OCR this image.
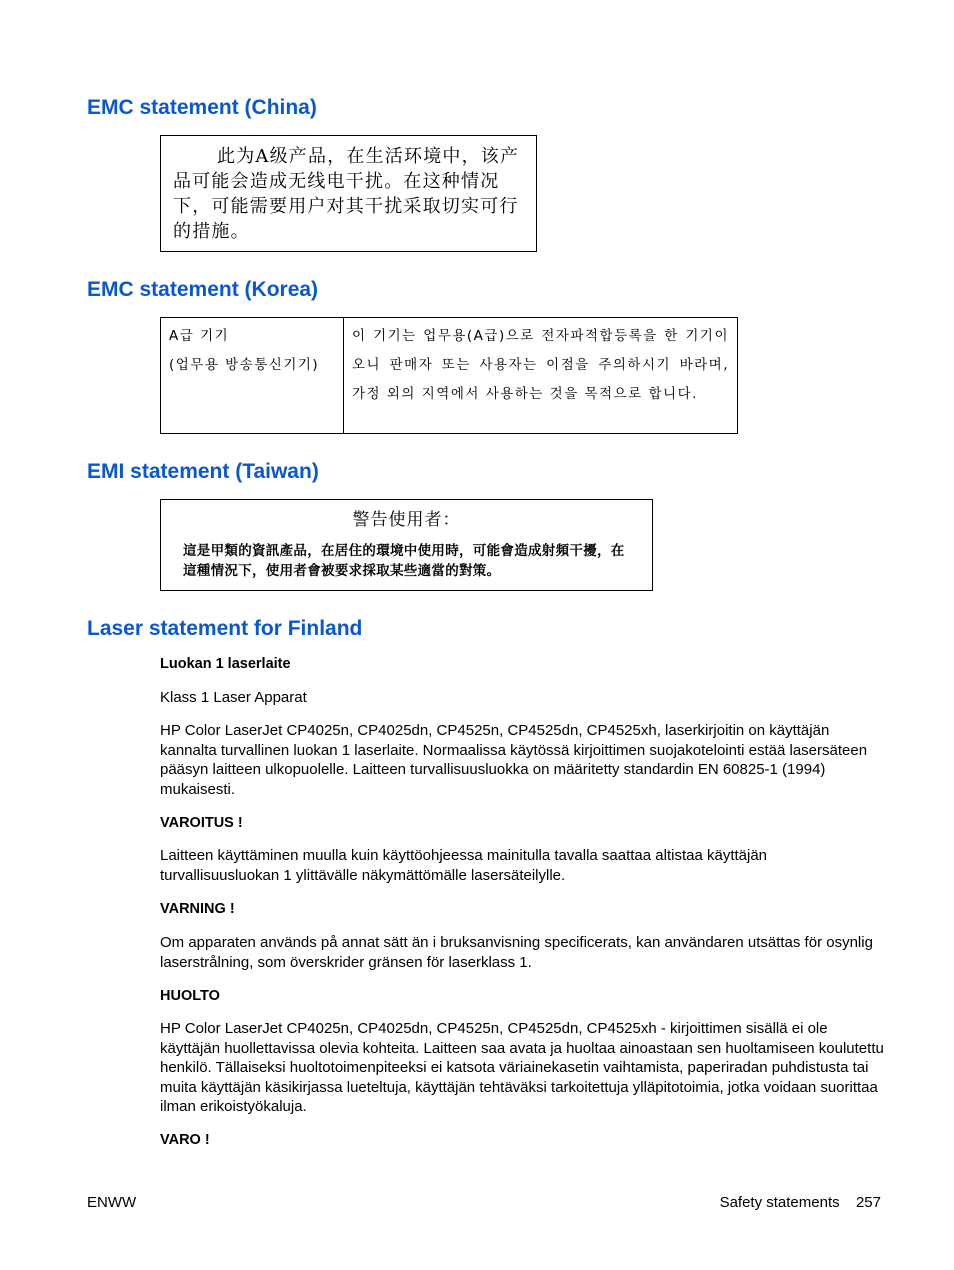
EMC statement (China)

此为A级产品，在生活环境中，该产品可能会造成无线电干扰。在这种情况下，可能需要用户对其干扰采取切实可行的措施。

EMC statement (Korea)
A급 기기
(업무용 방송통신기기)
	이 기기는 업무용(A급)으로 전자파적합등록을 한 기기이오니 판매자 또는 사용자는 이점을 주의하시기 바라며, 가정 외의 지역에서 사용하는 것을 목적으로 합니다.
EMI statement (Taiwan)
警告使用者：
這是甲類的資訊產品，在居住的環境中使用時，可能會造成射頻干擾，在這種情況下，使用者會被要求採取某些適當的對策。
Laser statement for Finland
Luokan 1 laserlaite
Klass 1 Laser Apparat
HP Color LaserJet CP4025n, CP4025dn, CP4525n, CP4525dn, CP4525xh, laserkirjoitin on käyttäjän kannalta turvallinen luokan 1 laserlaite. Normaalissa käytössä kirjoittimen suojakotelointi estää lasersäteen pääsyn laitteen ulkopuolelle. Laitteen turvallisuusluokka on määritetty standardin EN 60825-1 (1994) mukaisesti.
VAROITUS !
Laitteen käyttäminen muulla kuin käyttöohjeessa mainitulla tavalla saattaa altistaa käyttäjän turvallisuusluokan 1 ylittävälle näkymättömälle lasersäteilylle.
VARNING !
Om apparaten används på annat sätt än i bruksanvisning specificerats, kan användaren utsättas för osynlig laserstrålning, som överskrider gränsen för laserklass 1.
HUOLTO
HP Color LaserJet CP4025n, CP4025dn, CP4525n, CP4525dn, CP4525xh - kirjoittimen sisällä ei ole käyttäjän huollettavissa olevia kohteita. Laitteen saa avata ja huoltaa ainoastaan sen huoltamiseen koulutettu henkilö. Tällaiseksi huoltotoimenpiteeksi ei katsota väriainekasetin vaihtamista, paperiradan puhdistusta tai muita käyttäjän käsikirjassa lueteltuja, käyttäjän tehtäväksi tarkoitettuja ylläpitotoimia, jotka voidaan suorittaa ilman erikoistyökaluja.
VARO !
ENWW	Safety statements 257
